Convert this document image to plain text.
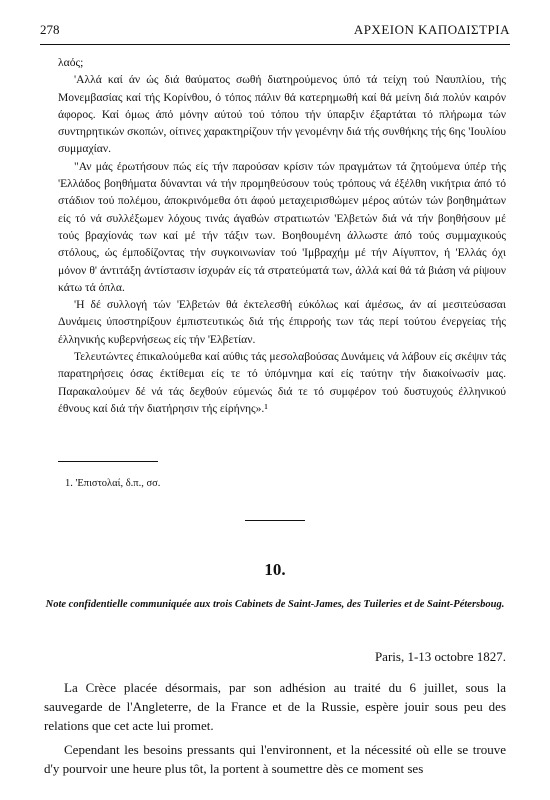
278	ΑΡΧΕΙΟΝ ΚΑΠΟΔΙΣΤΡΙΑ

λαός;

'Αλλά καί άν ώς διά θαύματος σωθή διατηρούμενος ύπό τά τείχη τού Ναυπλίου, τής Μονεμβασίας καί τής Κορίνθου, ό τόπος πάλιν θά κατερημωθή καί θά μείνη διά πολύν καιρόν άφορος. Καί όμως άπό μόνην αύτού τού τόπου τήν ύπαρξιν έξαρτάται τό πλήρωμα τών συντηρητικών σκοπών, οίτινες χαρακτηρίζουν τήν γενομένην διά τής συνθήκης τής 6ης 'Ιουλίου συμμαχίαν.

"Αν μάς έρωτήσουν πώς είς τήν παρούσαν κρίσιν τών πραγμάτων τά ζητούμενα ύπέρ τής 'Ελλάδος βοηθήματα δύνανται νά τήν προμηθεύσουν τούς τρόπους νά έξέλθη νικήτρια άπό τό στάδιον τού πολέμου, άποκρινόμεθα ότι άφού μεταχειρισθώμεν μέρος αύτών τών βοηθημάτων είς τό νά συλλέξωμεν λόχους τινάς άγαθών στρατιωτών 'Ελβετών διά νά τήν βοηθήσουν μέ τούς βραχίονάς των καί μέ τήν τάξιν των. Βοηθουμένη άλλωστε άπό τούς συμμαχικούς στόλους, ώς έμποδίζοντας τήν συγκοινωνίαν τού 'Ιμβραχήμ μέ τήν Αίγυπτον, ή 'Ελλάς όχι μόνον θ' άντιτάξη άντίστασιν ίσχυράν είς τά στρατεύματά των, άλλά καί θά τά βιάση νά ρίψουν κάτω τά όπλα.

'Η δέ συλλογή τών 'Ελβετών θά έκτελεσθή εύκόλως καί άμέσως, άν αί μεσιτεύσασαι Δυνάμεις ύποστηρίξουν έμπιστευτικώς διά τής έπιρροής των τάς περί τούτου ένεργείας τής έλληνικής κυβερνήσεως είς τήν 'Ελβετίαν.

Τελευτώντες έπικαλούμεθα καί αύθις τάς μεσολαβούσας Δυνάμεις νά λάβουν είς σκέψιν τάς παρατηρήσεις όσας έκτίθεμαι είς τε τό ύπόμνημα καί είς ταύτην τήν διακοίνωσίν μας. Παρακαλούμεν δέ νά τάς δεχθούν εύμενώς διά τε τό συμφέρον τού δυστυχούς έλληνικού έθνους καί διά τήν διατήρησιν τής είρήνης».¹

1. 'Επιστολαί, δ.π., σσ.
10.
Note confidentielle communiquée aux trois Cabinets de Saint-James, des Tuileries et de Saint-Pétersboug.
Paris, 1-13 octobre 1827.

La Crèce placée désormais, par son adhésion au traité du 6 juillet, sous la sauvegarde de l'Angleterre, de la France et de la Russie, espère jouir sous peu des relations que cet acte lui promet.

Cependant les besoins pressants qui l'environnent, et la nécessité où elle se trouve d'y pourvoir une heure plus tôt, la portent à soumettre dès ce moment ses
